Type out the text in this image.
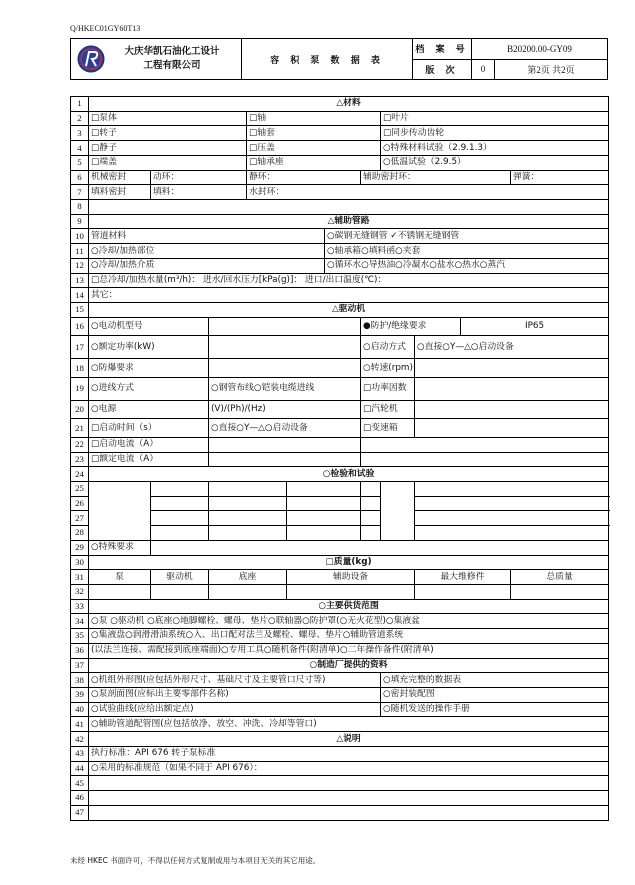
Q/HKEC01GY60T13
大庆华凯石油化工设计
工程有限公司	容 积 泵 数 据 表	档 案 号	B20200.00-GY09	
		版 次	0	第2页 共2页
1	△材料											
2	□泵体			□轴				□叶片				
3	□转子			□轴套				□同步传动齿轮				
4	□静子			□压盖				○特殊材料试验（2.9.1.3）				
5	□端盖			□轴承座				○低温试验（2.9.5）				
6	机械密封	动环：		静环：			辅助密封环：				弹簧：	
7	填料密封	填料：		水封环：								
8												
9	△辅助管路											
10	管道材料					○碳钢无缝钢管 ✓不锈钢无缝钢管						
11	○冷却/加热部位					○轴承箱○填料函○夹套						
12	○冷却/加热介质					○循环水○导热油○冷凝水○盐水○热水○蒸汽						
13	□总冷却/加热水量(m³/h)： 进水/回水压力[kPa(g)]： 进口/出口温度(℃)：											
14	其它：											
15	△驱动机											
16	○电动机型号						●防护/绝缘要求			IP65		
17	○额定功率(kW)						○启动方式		○直接○Y—△○启动设备			
18	○防爆要求						○转速(rpm)					
19	○进线方式		○钢管布线○铠装电缆进线				□功率因数					
20	○电源		(V)/(Ph)/(Hz)				□汽轮机					
21	□启动时间（s）		○直接○Y—△○启动设备				□变速箱					
22	□启动电流（A）											
23	□额定电流（A）											
24	○检验和试验											
25												
26												
27												
28												
29	○特殊要求											
30	□质量(kg)											
31	泵	驱动机	底座		辅助设备				最大维修件		总质量	
32												
33	○主要供货范围											
34	○泵 ○驱动机 ○底座○地脚螺栓、螺母、垫片○联轴器○防护罩(○无火花型)○集液盆											
35	○集液盘○润滑滑油系统○入、出口配对法兰及螺栓、螺母、垫片○辅助管道系统											
36	(以法兰连接、需配接到底座端面)○专用工具○随机备件(附清单)○二年操作备件(附清单)											
37	○制造厂提供的资料											
38	○机组外形图(应包括外形尺寸、基础尺寸及主要管口尺寸等)							○填充完整的数据表				
39	○泵剖面图(应标出主要零部件名称)							○密封装配图				
40	○试验曲线(应给出额定点)							○随机发送的操作手册				
41	○辅助管道配管图(应包括放净、放空、冲洗、冷却等管口)											
42	△说明											
43	执行标准：API 676 转子泵标准											
44	○采用的标准规范（如果不同于 API 676）：											
45												
46												
47												
未经 HKEC 书面许可，不得以任何方式复制或用与本项目无关的其它用途。
